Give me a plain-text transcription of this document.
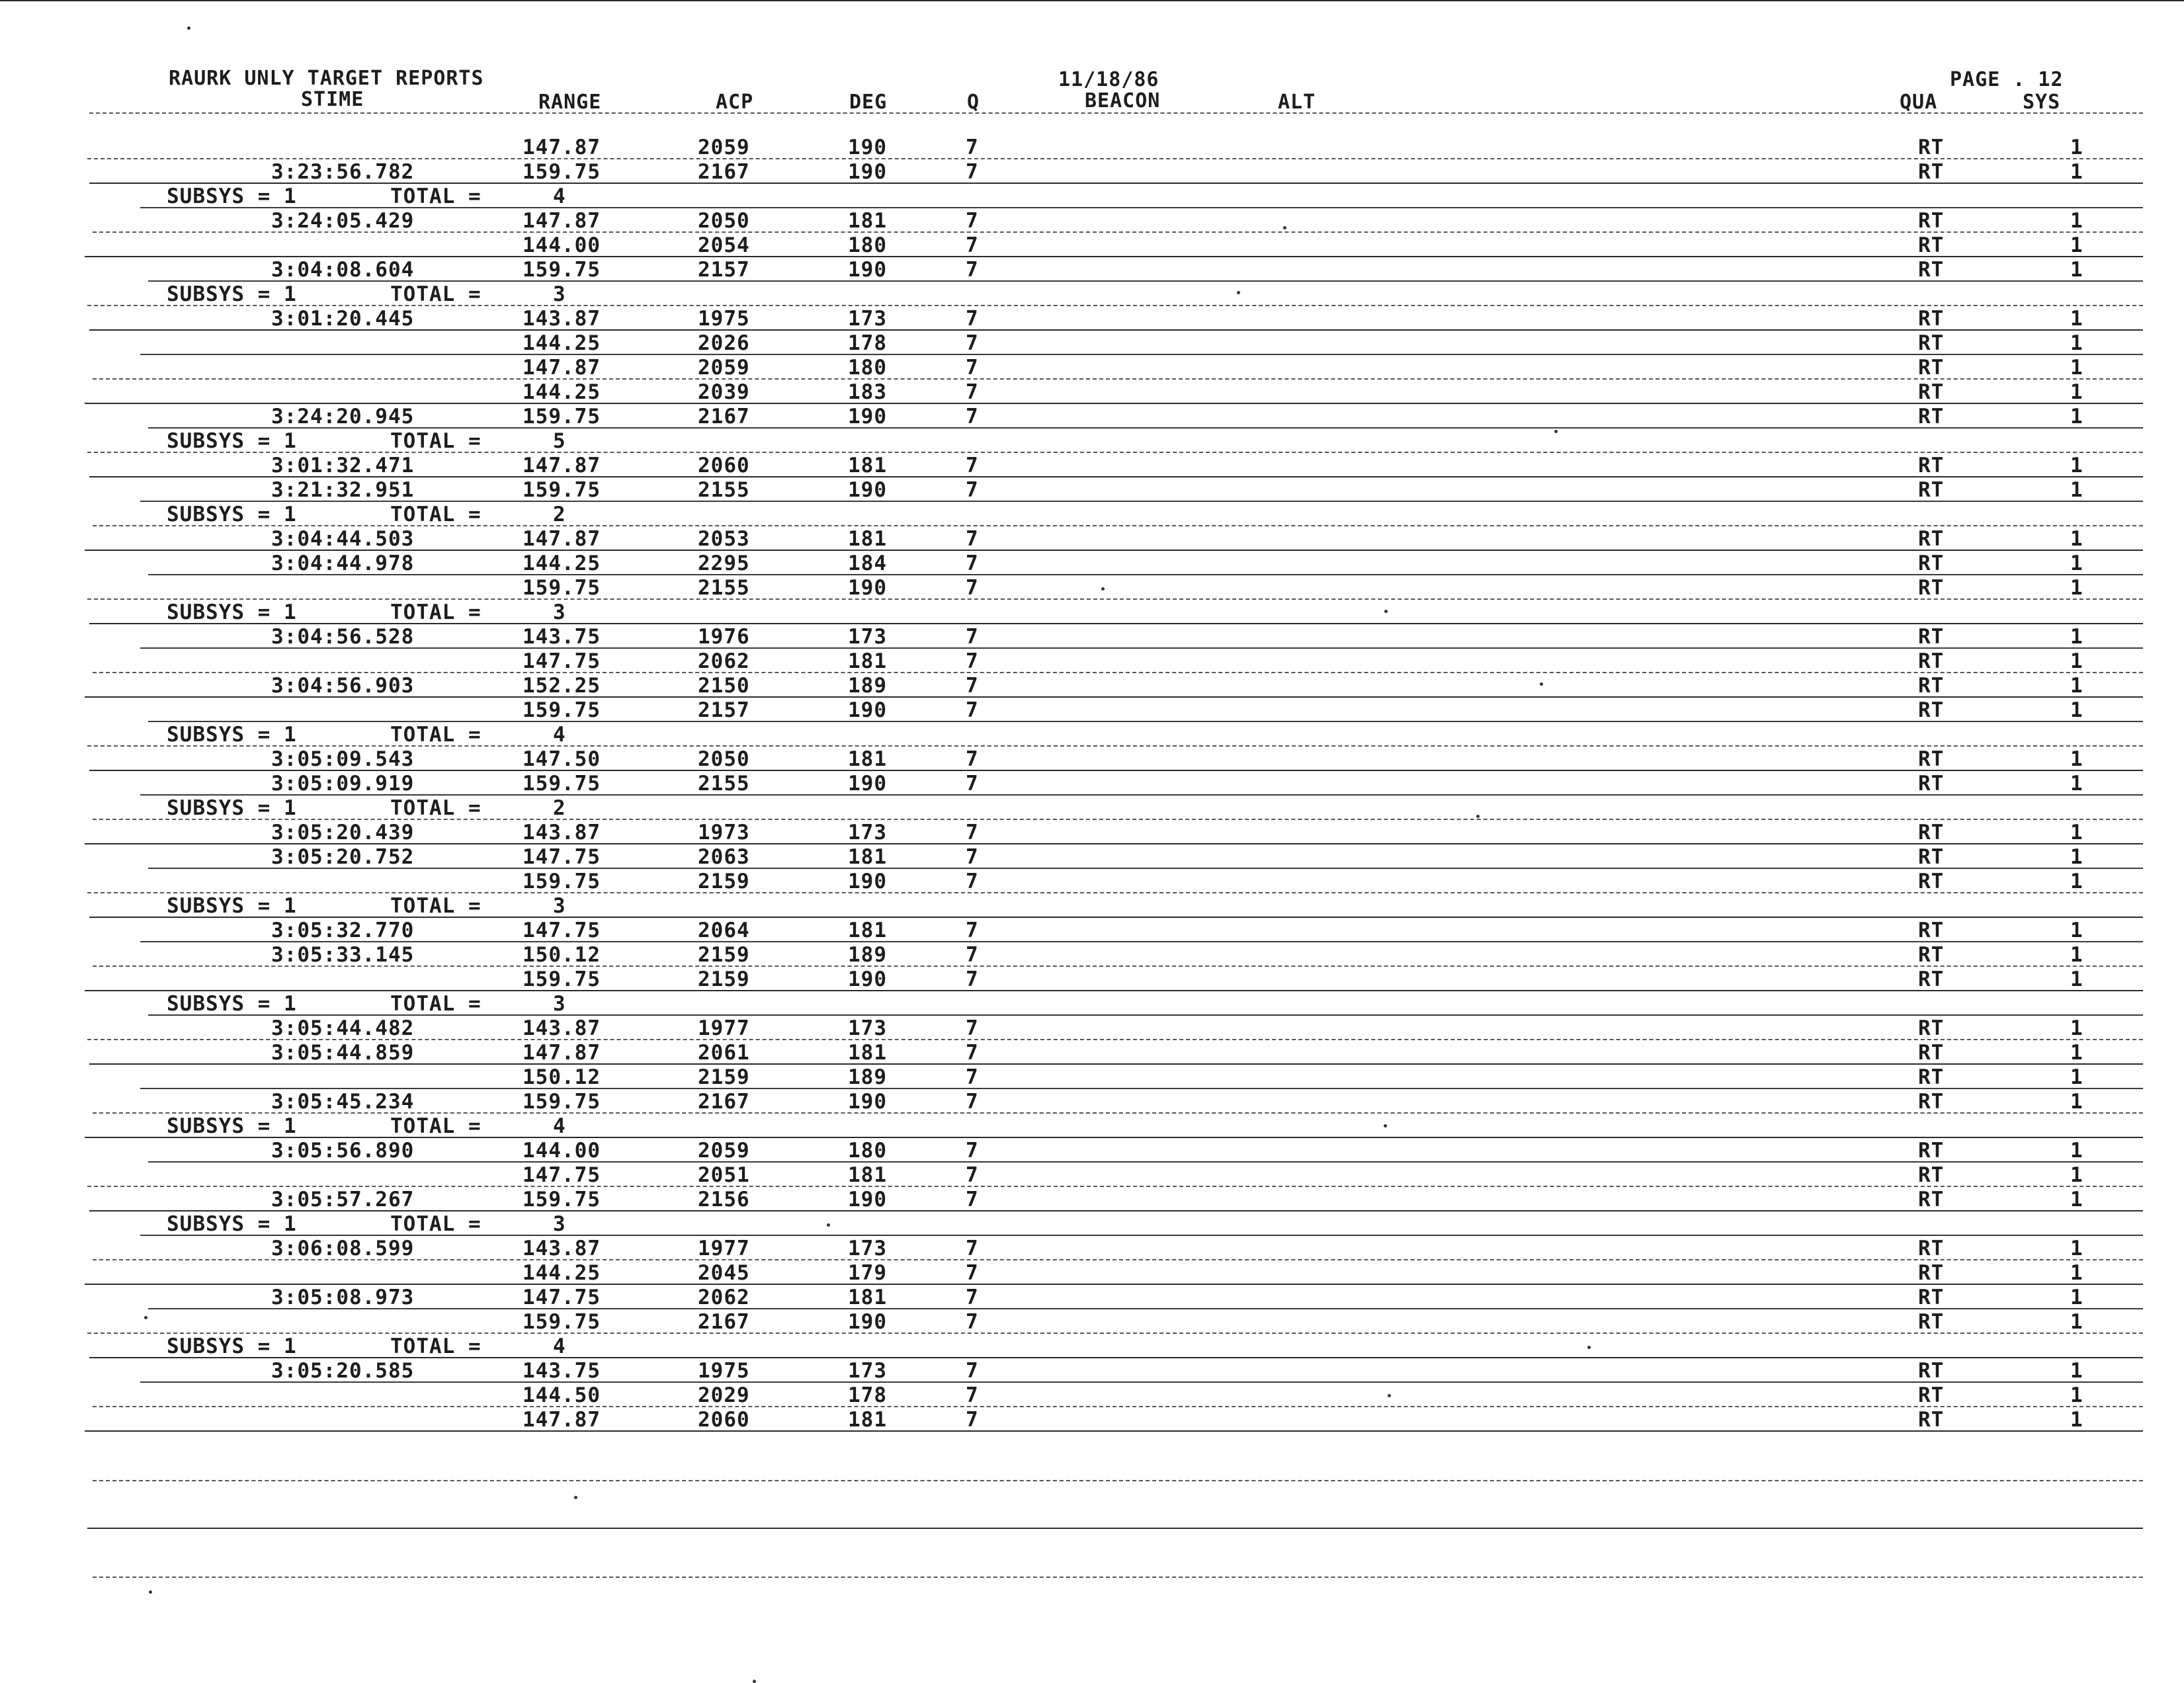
RAURK UNLY TARGET REPORTS	11/18/86	PAGE . 12
STIME	RANGE	ACP	DEG	Q	BEACON	ALT	QUA	SYS
147.87	2059	190	7	RT	1
3:23:56.782	159.75	2167	190	7	RT	1
SUBSYS = 1	TOTAL =	4
3:24:05.429	147.87	2050	181	7	RT	1
144.00	2054	180	7	RT	1
3:04:08.604	159.75	2157	190	7	RT	1
SUBSYS = 1	TOTAL =	3
3:01:20.445	143.87	1975	173	7	RT	1
144.25	2026	178	7	RT	1
147.87	2059	180	7	RT	1
144.25	2039	183	7	RT	1
3:24:20.945	159.75	2167	190	7	RT	1
SUBSYS = 1	TOTAL =	5
3:01:32.471	147.87	2060	181	7	RT	1
3:21:32.951	159.75	2155	190	7	RT	1
SUBSYS = 1	TOTAL =	2
3:04:44.503	147.87	2053	181	7	RT	1
3:04:44.978	144.25	2295	184	7	RT	1
159.75	2155	190	7	RT	1
SUBSYS = 1	TOTAL =	3
3:04:56.528	143.75	1976	173	7	RT	1
147.75	2062	181	7	RT	1
3:04:56.903	152.25	2150	189	7	RT	1
159.75	2157	190	7	RT	1
SUBSYS = 1	TOTAL =	4
3:05:09.543	147.50	2050	181	7	RT	1
3:05:09.919	159.75	2155	190	7	RT	1
SUBSYS = 1	TOTAL =	2
3:05:20.439	143.87	1973	173	7	RT	1
3:05:20.752	147.75	2063	181	7	RT	1
159.75	2159	190	7	RT	1
SUBSYS = 1	TOTAL =	3
3:05:32.770	147.75	2064	181	7	RT	1
3:05:33.145	150.12	2159	189	7	RT	1
159.75	2159	190	7	RT	1
SUBSYS = 1	TOTAL =	3
3:05:44.482	143.87	1977	173	7	RT	1
3:05:44.859	147.87	2061	181	7	RT	1
150.12	2159	189	7	RT	1
3:05:45.234	159.75	2167	190	7	RT	1
SUBSYS = 1	TOTAL =	4
3:05:56.890	144.00	2059	180	7	RT	1
147.75	2051	181	7	RT	1
3:05:57.267	159.75	2156	190	7	RT	1
SUBSYS = 1	TOTAL =	3
3:06:08.599	143.87	1977	173	7	RT	1
144.25	2045	179	7	RT	1
3:05:08.973	147.75	2062	181	7	RT	1
159.75	2167	190	7	RT	1
SUBSYS = 1	TOTAL =	4
3:05:20.585	143.75	1975	173	7	RT	1
144.50	2029	178	7	RT	1
147.87	2060	181	7	RT	1
